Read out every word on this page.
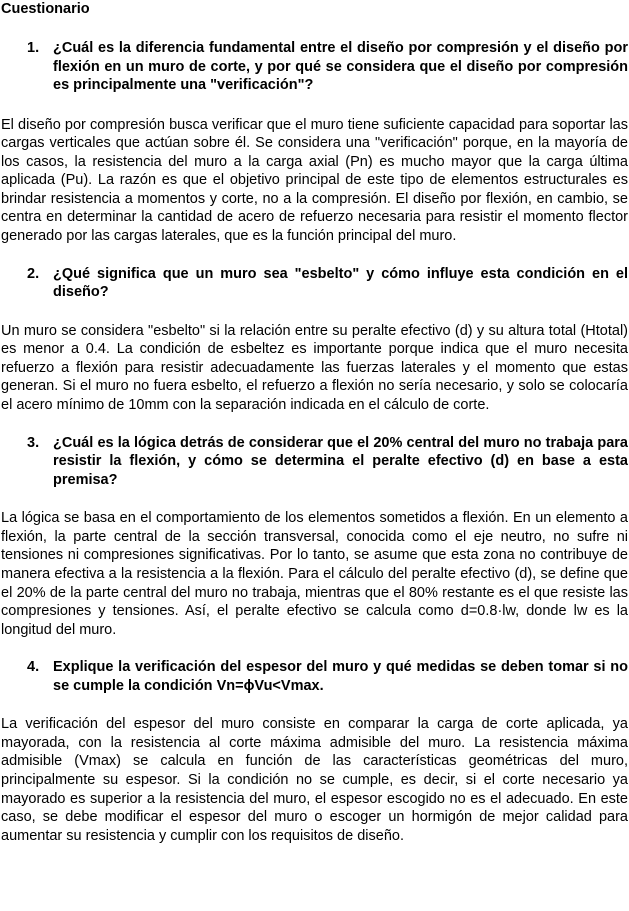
Cuestionario
1. ¿Cuál es la diferencia fundamental entre el diseño por compresión y el diseño por flexión en un muro de corte, y por qué se considera que el diseño por compresión es principalmente una "verificación"?

El diseño por compresión busca verificar que el muro tiene suficiente capacidad para soportar las cargas verticales que actúan sobre él. Se considera una "verificación" porque, en la mayoría de los casos, la resistencia del muro a la carga axial (Pn) es mucho mayor que la carga última aplicada (Pu). La razón es que el objetivo principal de este tipo de elementos estructurales es brindar resistencia a momentos y corte, no a la compresión. El diseño por flexión, en cambio, se centra en determinar la cantidad de acero de refuerzo necesaria para resistir el momento flector generado por las cargas laterales, que es la función principal del muro.

2. ¿Qué significa que un muro sea "esbelto" y cómo influye esta condición en el diseño?

Un muro se considera "esbelto" si la relación entre su peralte efectivo (d) y su altura total (Htotal) es menor a 0.4. La condición de esbeltez es importante porque indica que el muro necesita refuerzo a flexión para resistir adecuadamente las fuerzas laterales y el momento que estas generan. Si el muro no fuera esbelto, el refuerzo a flexión no sería necesario, y solo se colocaría el acero mínimo de 10mm con la separación indicada en el cálculo de corte.

3. ¿Cuál es la lógica detrás de considerar que el 20% central del muro no trabaja para resistir la flexión, y cómo se determina el peralte efectivo (d) en base a esta premisa?

La lógica se basa en el comportamiento de los elementos sometidos a flexión. En un elemento a flexión, la parte central de la sección transversal, conocida como el eje neutro, no sufre ni tensiones ni compresiones significativas. Por lo tanto, se asume que esta zona no contribuye de manera efectiva a la resistencia a la flexión. Para el cálculo del peralte efectivo (d), se define que el 20% de la parte central del muro no trabaja, mientras que el 80% restante es el que resiste las compresiones y tensiones. Así, el peralte efectivo se calcula como d=0.8·lw, donde lw es la longitud del muro.

4. Explique la verificación del espesor del muro y qué medidas se deben tomar si no se cumple la condición Vn=ϕVu<Vmax.

La verificación del espesor del muro consiste en comparar la carga de corte aplicada, ya mayorada, con la resistencia al corte máxima admisible del muro. La resistencia máxima admisible (Vmax) se calcula en función de las características geométricas del muro, principalmente su espesor. Si la condición no se cumple, es decir, si el corte necesario ya mayorado es superior a la resistencia del muro, el espesor escogido no es el adecuado. En este caso, se debe modificar el espesor del muro o escoger un hormigón de mejor calidad para aumentar su resistencia y cumplir con los requisitos de diseño.
